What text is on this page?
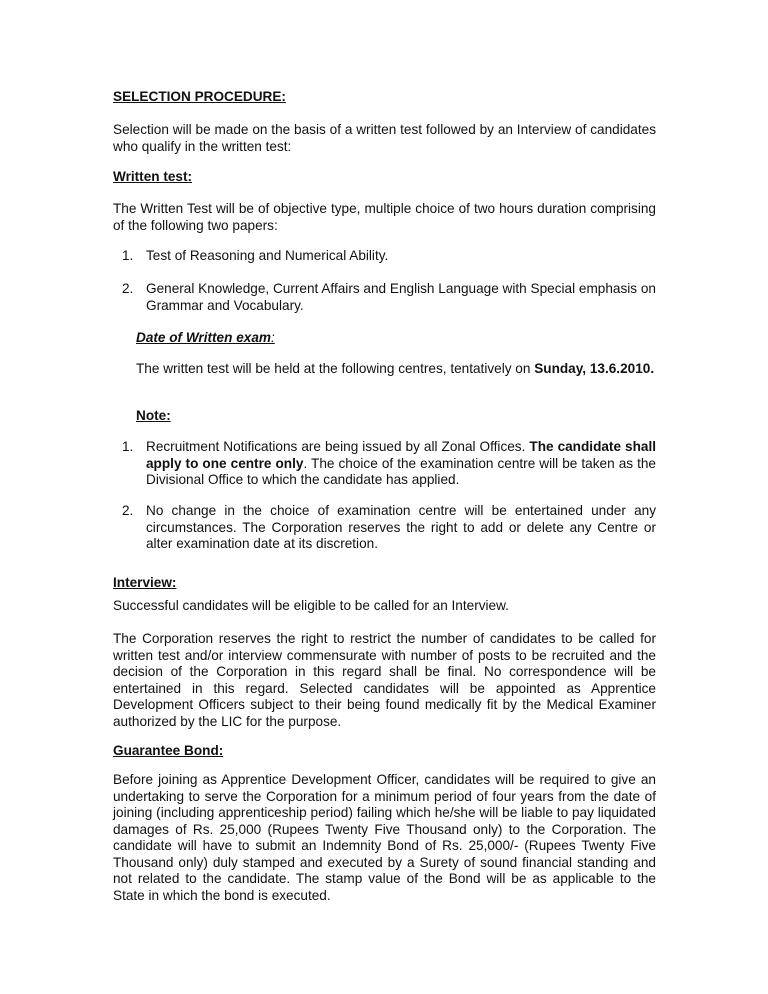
SELECTION PROCEDURE:

Selection will be made on the basis of a written test followed by an Interview of candidates who qualify in the written test:

Written test:

The Written Test will be of objective type, multiple choice of two hours duration comprising of the following two papers:

1. Test of Reasoning and Numerical Ability.
2. General Knowledge, Current Affairs and English Language with Special emphasis on Grammar and Vocabulary.

Date of Written exam:

The written test will be held at the following centres, tentatively on Sunday, 13.6.2010.

Note:

1. Recruitment Notifications are being issued by all Zonal Offices. The candidate shall apply to one centre only. The choice of the examination centre will be taken as the Divisional Office to which the candidate has applied.
2. No change in the choice of examination centre will be entertained under any circumstances. The Corporation reserves the right to add or delete any Centre or alter examination date at its discretion.

Interview:

Successful candidates will be eligible to be called for an Interview.

The Corporation reserves the right to restrict the number of candidates to be called for written test and/or interview commensurate with number of posts to be recruited and the decision of the Corporation in this regard shall be final. No correspondence will be entertained in this regard. Selected candidates will be appointed as Apprentice Development Officers subject to their being found medically fit by the Medical Examiner authorized by the LIC for the purpose.

Guarantee Bond:

Before joining as Apprentice Development Officer, candidates will be required to give an undertaking to serve the Corporation for a minimum period of four years from the date of joining (including apprenticeship period) failing which he/she will be liable to pay liquidated damages of Rs. 25,000 (Rupees Twenty Five Thousand only) to the Corporation. The candidate will have to submit an Indemnity Bond of Rs. 25,000/- (Rupees Twenty Five Thousand only) duly stamped and executed by a Surety of sound financial standing and not related to the candidate. The stamp value of the Bond will be as applicable to the State in which the bond is executed.
